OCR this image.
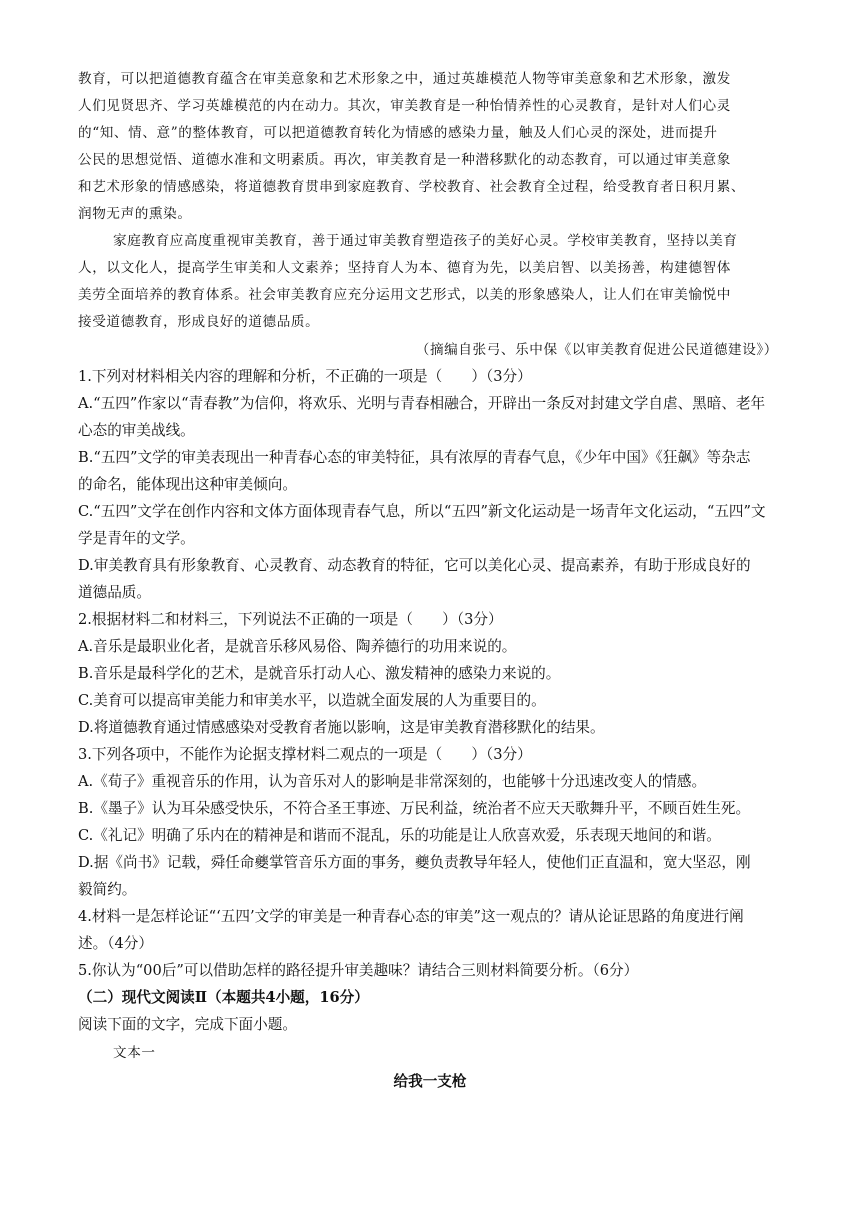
教育，可以把道德教育蕴含在审美意象和艺术形象之中，通过英雄模范人物等审美意象和艺术形象，激发
人们见贤思齐、学习英雄模范的内在动力。其次，审美教育是一种怡情养性的心灵教育，是针对人们心灵
的“知、情、意”的整体教育，可以把道德教育转化为情感的感染力量，触及人们心灵的深处，进而提升
公民的思想觉悟、道德水准和文明素质。再次，审美教育是一种潜移默化的动态教育，可以通过审美意象
和艺术形象的情感感染，将道德教育贯串到家庭教育、学校教育、社会教育全过程，给受教育者日积月累、
润物无声的熏染。
家庭教育应高度重视审美教育，善于通过审美教育塑造孩子的美好心灵。学校审美教育，坚持以美育
人，以文化人，提高学生审美和人文素养；坚持育人为本、德育为先，以美启智、以美扬善，构建德智体
美劳全面培养的教育体系。社会审美教育应充分运用文艺形式，以美的形象感染人，让人们在审美愉悦中
接受道德教育，形成良好的道德品质。
（摘编自张弓、乐中保《以审美教育促进公民道德建设》）
1.下列对材料相关内容的理解和分析，不正确的一项是（　　）（3分）
A.“五四”作家以“青春教”为信仰，将欢乐、光明与青春相融合，开辟出一条反对封建文学自虐、黑暗、老年
心态的审美战线。
B.“五四”文学的审美表现出一种青春心态的审美特征，具有浓厚的青春气息，《少年中国》《狂飙》等杂志
的命名，能体现出这种审美倾向。
C.“五四”文学在创作内容和文体方面体现青春气息，所以“五四”新文化运动是一场青年文化运动，“五四”文
学是青年的文学。
D.审美教育具有形象教育、心灵教育、动态教育的特征，它可以美化心灵、提高素养，有助于形成良好的
道德品质。
2.根据材料二和材料三，下列说法不正确的一项是（　　）（3分）
A.音乐是最职业化者，是就音乐移风易俗、陶养德行的功用来说的。
B.音乐是最科学化的艺术，是就音乐打动人心、激发精神的感染力来说的。
C.美育可以提高审美能力和审美水平，以造就全面发展的人为重要目的。
D.将道德教育通过情感感染对受教育者施以影响，这是审美教育潜移默化的结果。
3.下列各项中，不能作为论据支撑材料二观点的一项是（　　）（3分）
A.《荀子》重视音乐的作用，认为音乐对人的影响是非常深刻的，也能够十分迅速改变人的情感。
B.《墨子》认为耳朵感受快乐，不符合圣王事迹、万民利益，统治者不应天天歌舞升平，不顾百姓生死。
C.《礼记》明确了乐内在的精神是和谐而不混乱，乐的功能是让人欣喜欢爱，乐表现天地间的和谐。
D.据《尚书》记载，舜任命夔掌管音乐方面的事务，夔负责教导年轻人，使他们正直温和，宽大坚忍，刚
毅简约。
4.材料一是怎样论证“‘五四’文学的审美是一种青春心态的审美”这一观点的？请从论证思路的角度进行阐
述。（4分）
5.你认为“00后”可以借助怎样的路径提升审美趣味？请结合三则材料简要分析。（6分）
（二）现代文阅读Ⅱ（本题共4小题，16分）
阅读下面的文字，完成下面小题。
文本一
给我一支枪
